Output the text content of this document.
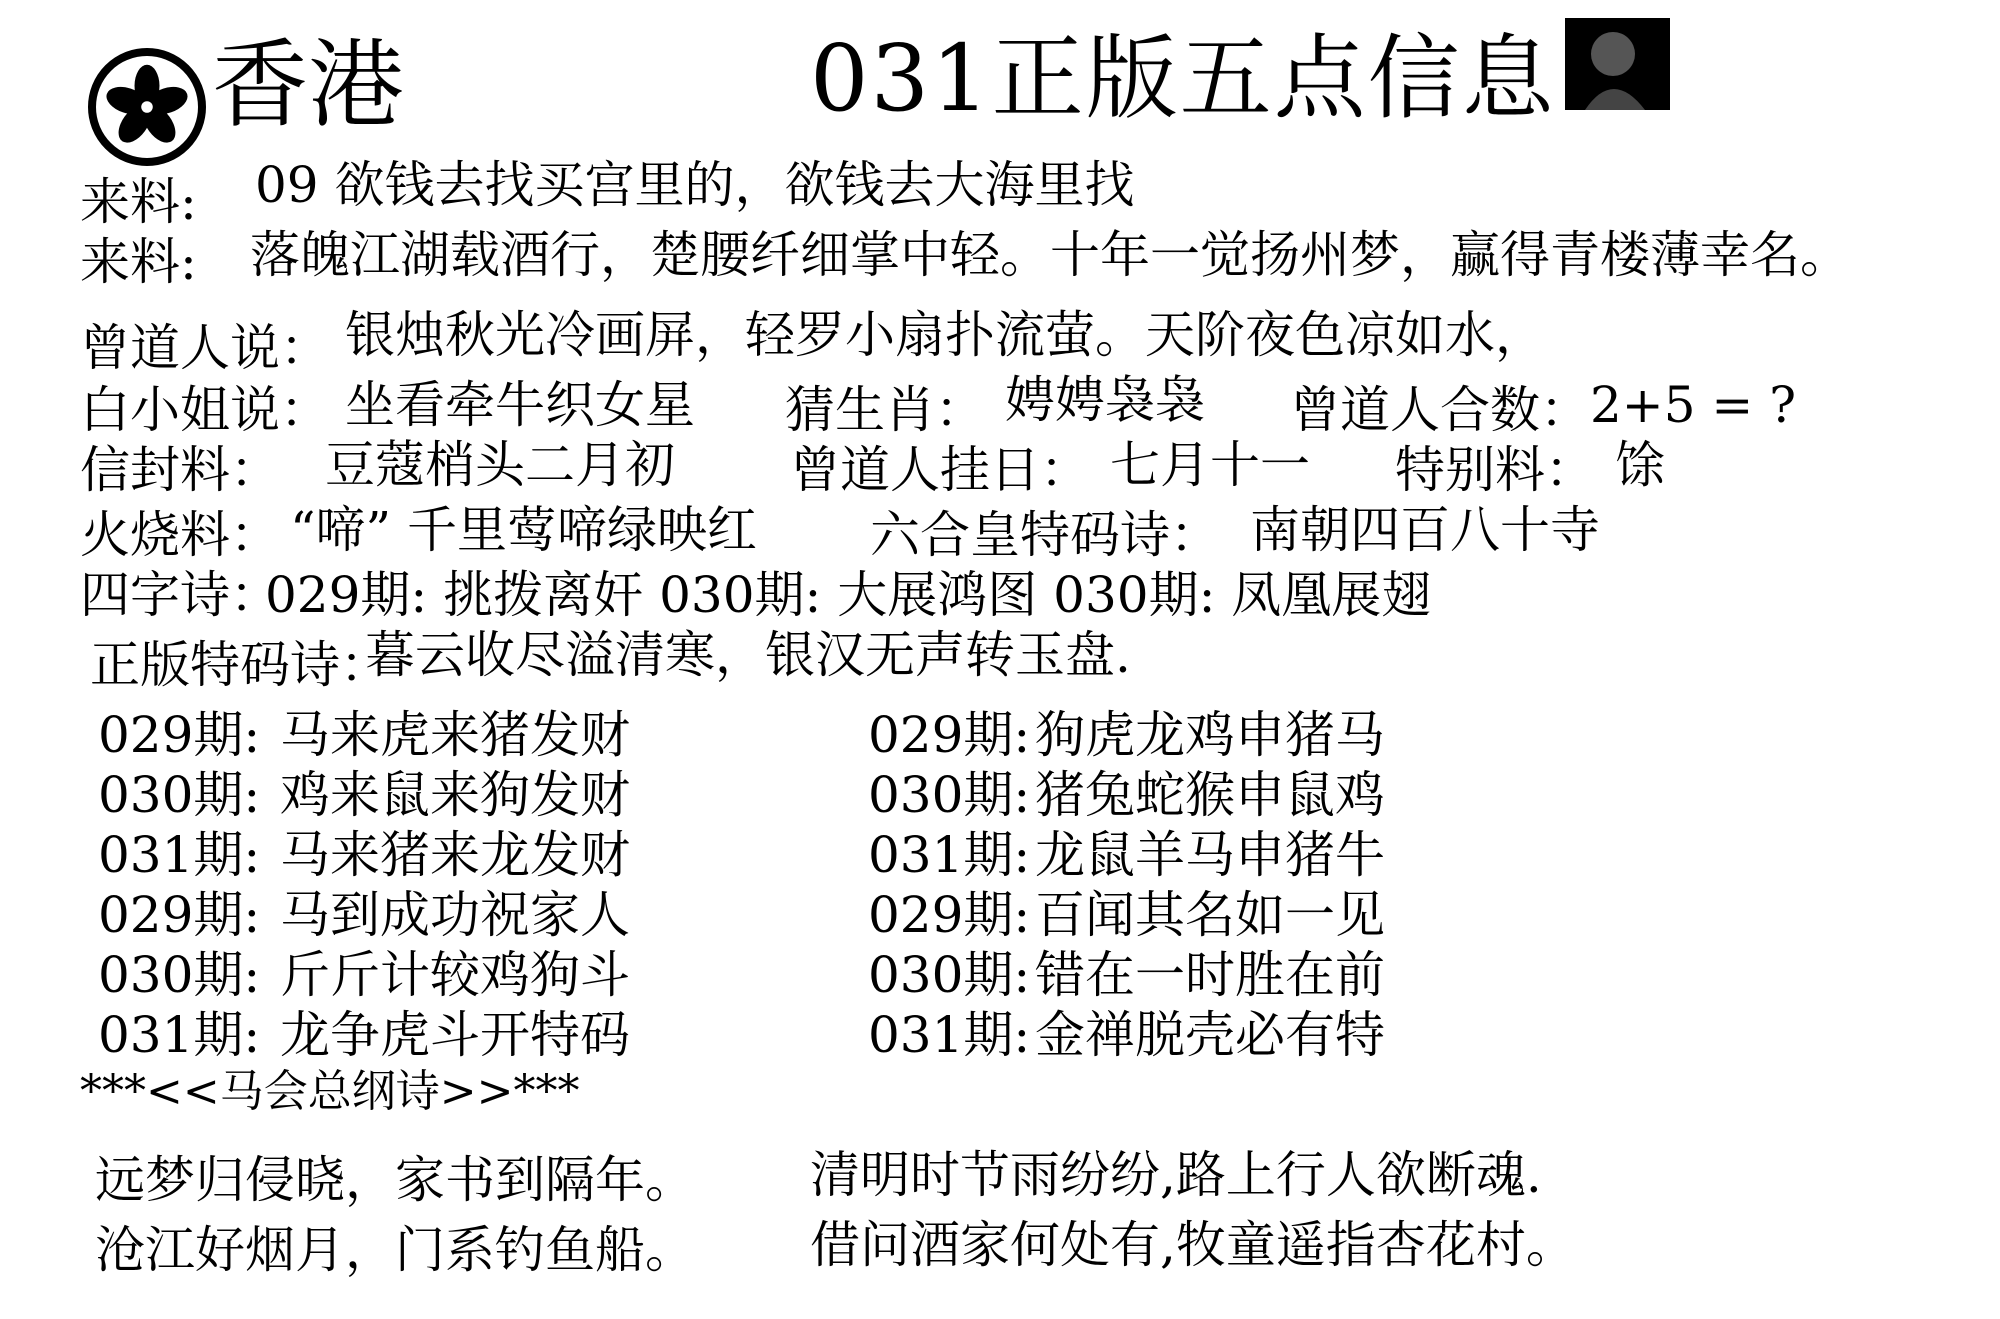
香港	031正版五点信息
来料: 09 欲钱去找买宫里的，欲钱去大海里找
来料: 落魄江湖载酒行，楚腰纤细掌中轻。十年一觉扬州梦，赢得青楼薄幸名。
曾道人说： 银烛秋光冷画屏，轻罗小扇扑流萤。天阶夜色凉如水，
白小姐说： 坐看牵牛织女星 猜生肖： 娉娉袅袅 曾道人合数： 2+5 = ?
信封料： 豆蔻梢头二月初 曾道人挂日： 七月十一 特别料： 馀
火烧料： “啼” 千里莺啼绿映红 六合皇特码诗： 南朝四百八十寺
四字诗：
029期: 挑拨离奸 030期: 大展鸿图 030期: 凤凰展翅
正版特码诗：
暮云收尽溢清寒，银汉无声转玉盘.
029期: 马来虎来猪发财
030期: 鸡来鼠来狗发财
031期: 马来猪来龙发财
029期: 马到成功祝家人
030期: 斤斤计较鸡狗斗
031期: 龙争虎斗开特码
029期: 狗虎龙鸡申猪马
030期: 猪兔蛇猴申鼠鸡
031期: 龙鼠羊马申猪牛
029期: 百闻其名如一见
030期: 错在一时胜在前
031期: 金禅脱壳必有特
***<<马会总纲诗>>***
远梦归侵晓，家书到隔年。 清明时节雨纷纷,路上行人欲断魂.
沧江好烟月，门系钓鱼船。 借问酒家何处有,牧童遥指杏花村。
